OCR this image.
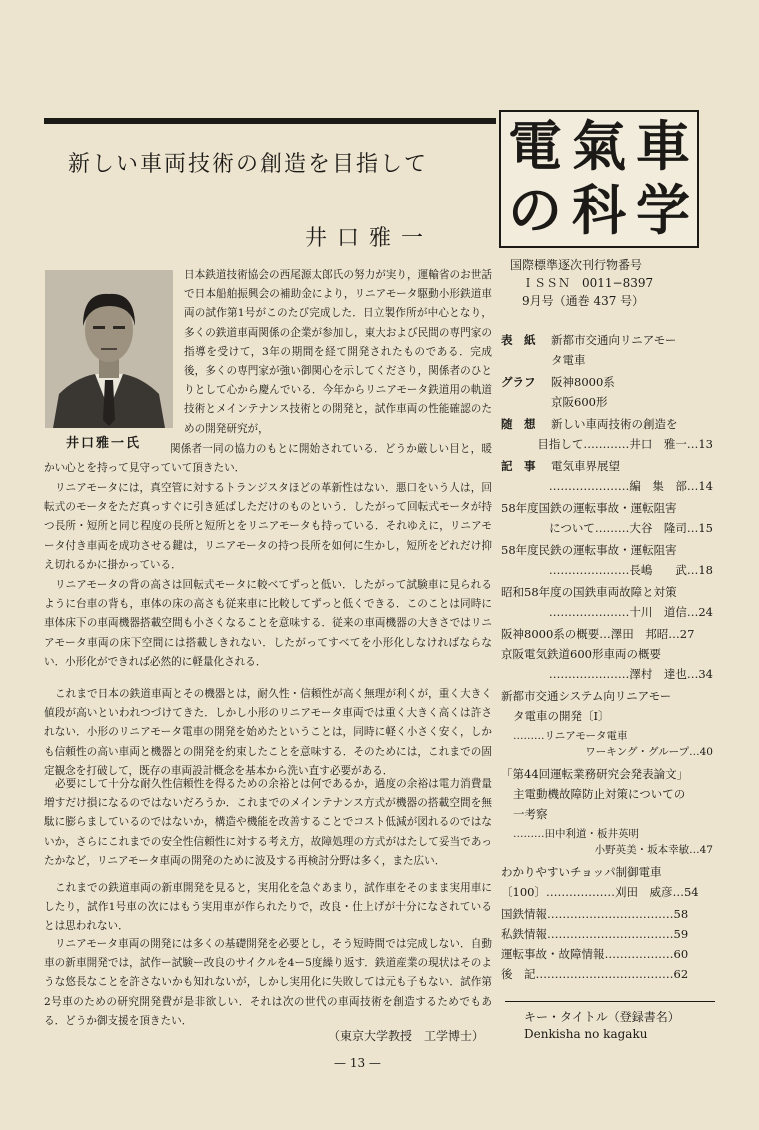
新しい車両技術の創造を目指して
井口雅一
井口雅一氏

日本鉄道技術協会の西尾源太郎氏の努力が実り，運輸省のお世話で日本船舶振興会の補助金により，リニアモータ駆動小形鉄道車両の試作第1号がこのたび完成した．日立製作所が中心となり，多くの鉄道車両関係の企業が参加し，東大および民間の専門家の指導を受けて，3年の期間を経て開発されたものである．完成後，多くの専門家が強い御関心を示してくださり，関係者のひとりとして心から慶んでいる．今年からリニアモータ鉄道用の軌道技術とメインテナンス技術との開発と，試作車両の性能確認のための開発研究が，

関係者一同の協力のもとに開始されている．どうか厳しい目と，暖かい心とを持って見守っていて頂きたい．

リニアモータには，真空管に対するトランジスタほどの革新性はない．悪口をいう人は，回転式のモータをただ真っすぐに引き延ばしただけのものという．したがって回転式モータが持つ長所・短所と同じ程度の長所と短所とをリニアモータも持っている．それゆえに，リニアモータ付き車両を成功させる鍵は，リニアモータの持つ長所を如何に生かし，短所をどれだけ抑え切れるかに掛かっている．

リニアモータの背の高さは回転式モータに較べてずっと低い．したがって試験車に見られるように台車の背も，車体の床の高さも従来車に比較してずっと低くできる．このことは同時に車体床下の車両機器搭載空間も小さくなることを意味する．従来の車両機器の大きさではリニアモータ車両の床下空間には搭載しきれない．したがってすべてを小形化しなければならない．小形化ができれば必然的に軽量化される．

これまで日本の鉄道車両とその機器とは，耐久性・信頼性が高く無理が利くが，重く大きく値段が高いといわれつづけてきた．しかし小形のリニアモータ車両では重く大きく高くは許されない．小形のリニアモータ電車の開発を始めたということは，同時に軽く小さく安く，しかも信頼性の高い車両と機器との開発を約束したことを意味する．そのためには，これまでの固定観念を打破して，既存の車両設計概念を基本から洗い直す必要がある．

必要にして十分な耐久性信頼性を得るための余裕とは何であるか，過度の余裕は電力消費量増すだけ損になるのではないだろうか．これまでのメインテナンス方式が機器の搭載空間を無駄に膨らましているのではないか，構造や機能を改善することでコスト低減が図れるのではないか，さらにこれまでの安全性信頼性に対する考え方，故障処理の方式がはたして妥当であったかなど，リニアモータ車両の開発のために波及する再検討分野は多く，また広い．

これまでの鉄道車両の新車開発を見ると，実用化を急ぐあまり，試作車をそのまま実用車にしたり，試作1号車の次にはもう実用車が作られたりで，改良・仕上げが十分になされているとは思われない．

リニアモータ車両の開発には多くの基礎開発を必要とし，そう短時間では完成しない．自動車の新車開発では，試作ー試験ー改良のサイクルを4ー5度繰り返す．鉄道産業の現状はそのような悠長なことを許さないかも知れないが，しかし実用化に失敗しては元も子もない．試作第2号車のための研究開発費が是非欲しい．それは次の世代の車両技術を創造するためでもある．どうか御支援を頂きたい．

（東京大学教授　工学博士）
— 13 —
電 氣 車
の 科 学
国際標準逐次刊行物番号
ＩＳＳＮ　0011−8397
9月号（通巻 437 号）
表　紙 新都市交通向リニアモー
タ電車
グラフ 阪神8000系
京阪600形
随　想 新しい車両技術の創造を
目指して…………井口　雅一…13
記　事 電気車界展望
…………………編　集　部…14
58年度国鉄の運転事故・運転阻害
について………大谷　隆司…15
58年度民鉄の運転事故・運転阻害
…………………長嶋　　武…18
昭和58年度の国鉄車両故障と対策
…………………十川　道信…24
阪神8000系の概要…澤田　邦昭…27
京阪電気鉄道600形車両の概要
…………………澤村　達也…34
新都市交通システム向リニアモー
タ電車の開発〔Ⅰ〕
………リニアモータ電車
ワーキング・グループ…40
「第44回運転業務研究会発表論文」
主電動機故障防止対策についての
一考察
………田中利道・板井英明
小野英美・坂本幸敏…47
わかりやすいチョッパ制御電車
〔100〕………………刈田　威彦…54
国鉄情報……………………………58
私鉄情報……………………………59
運転事故・故障情報………………60
後　記………………………………62
キー・タイトル（登録書名）
Denkisha no kagaku
